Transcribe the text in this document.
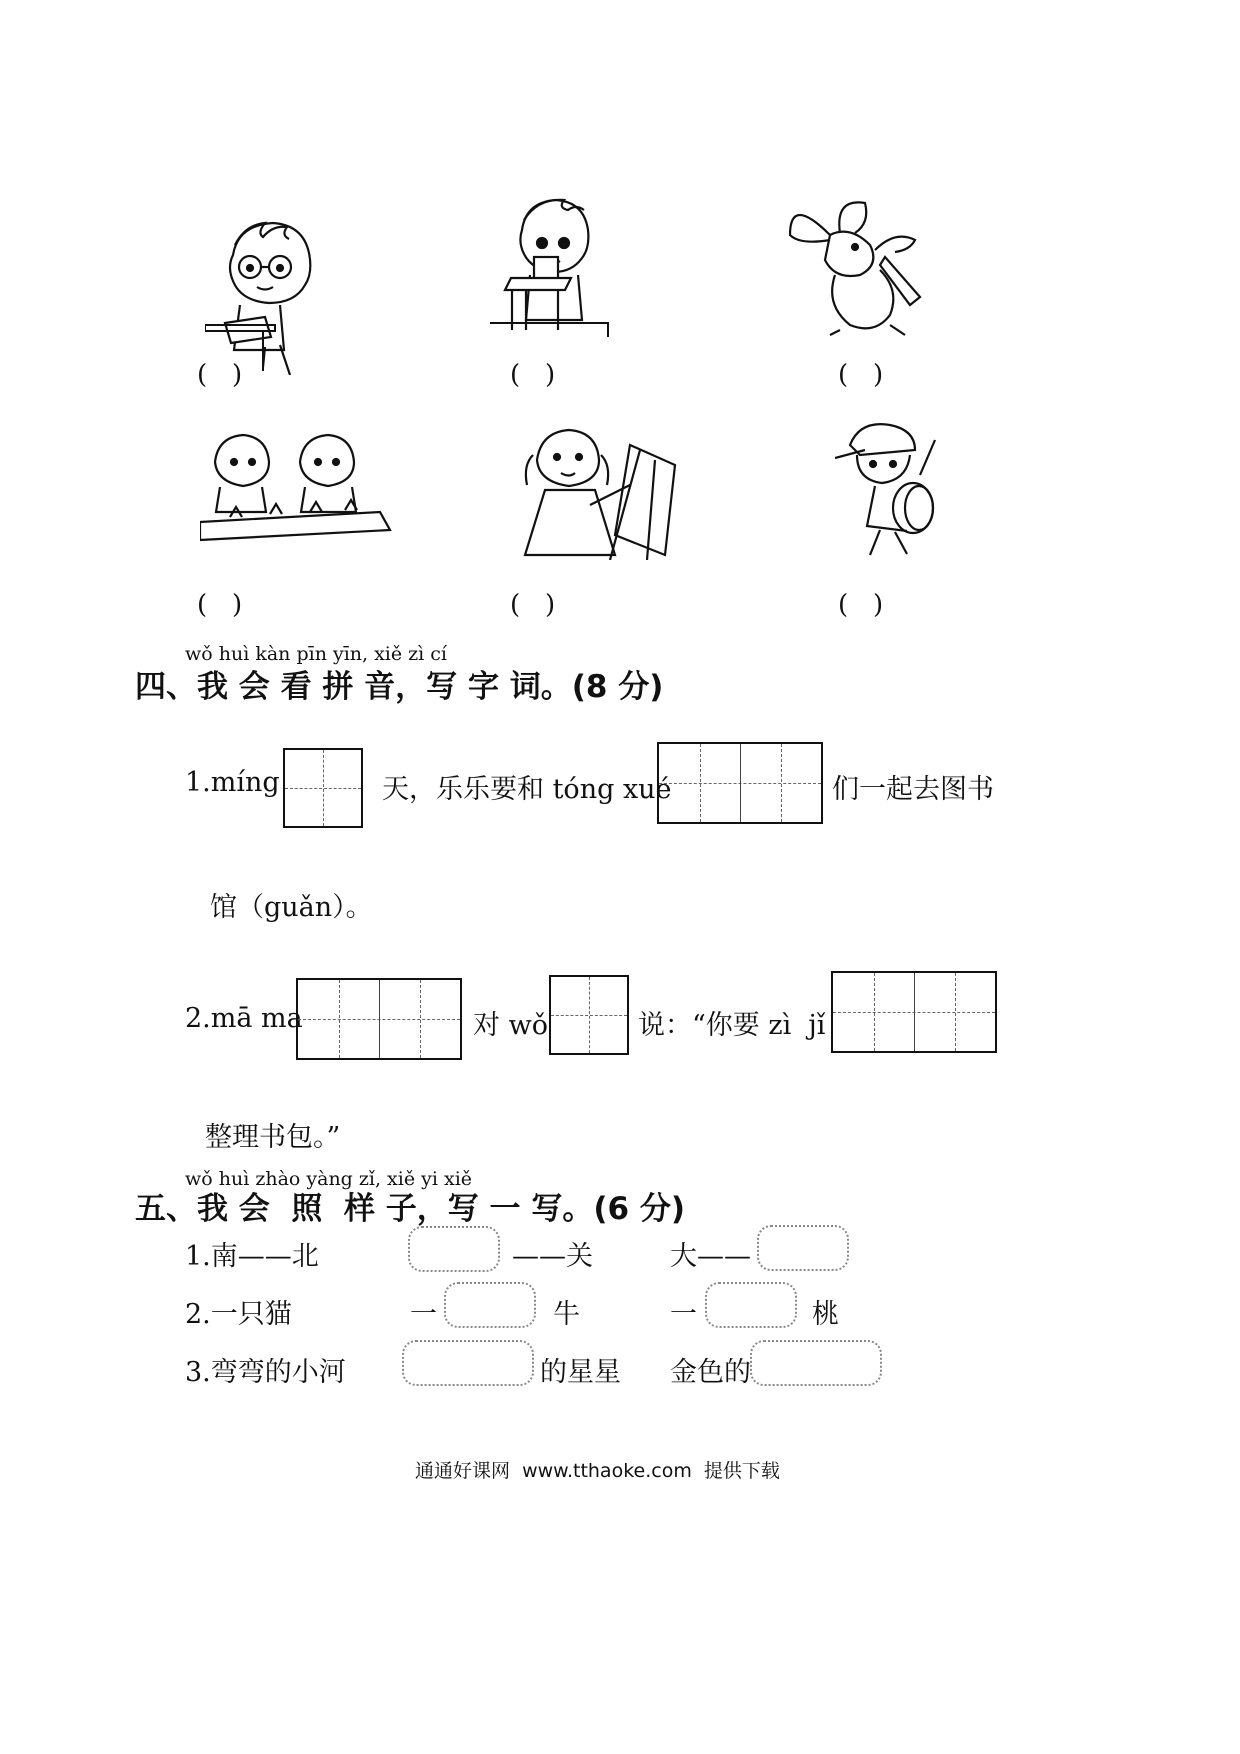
(   )	(   )	(   )
(   )	(   )	(   )
wǒ huì kàn pīn yīn, xiě zì cí
四、我 会 看 拼 音，写 字 词。(8 分)
1.míng	天，乐乐要和 tóng xué	们一起去图书
馆（guǎn）。
2.mā ma	对 wǒ	说：“你要 zì  jǐ
整理书包。”
wǒ huì zhào yàng zǐ, xiě yi xiě
五、我 会  照  样 子，写 一 写。(6 分)
1.南——北	——关	大——
2.一只猫	一	牛	一	桃
3.弯弯的小河	的星星 金色的
通通好课网  www.tthaoke.com  提供下载
